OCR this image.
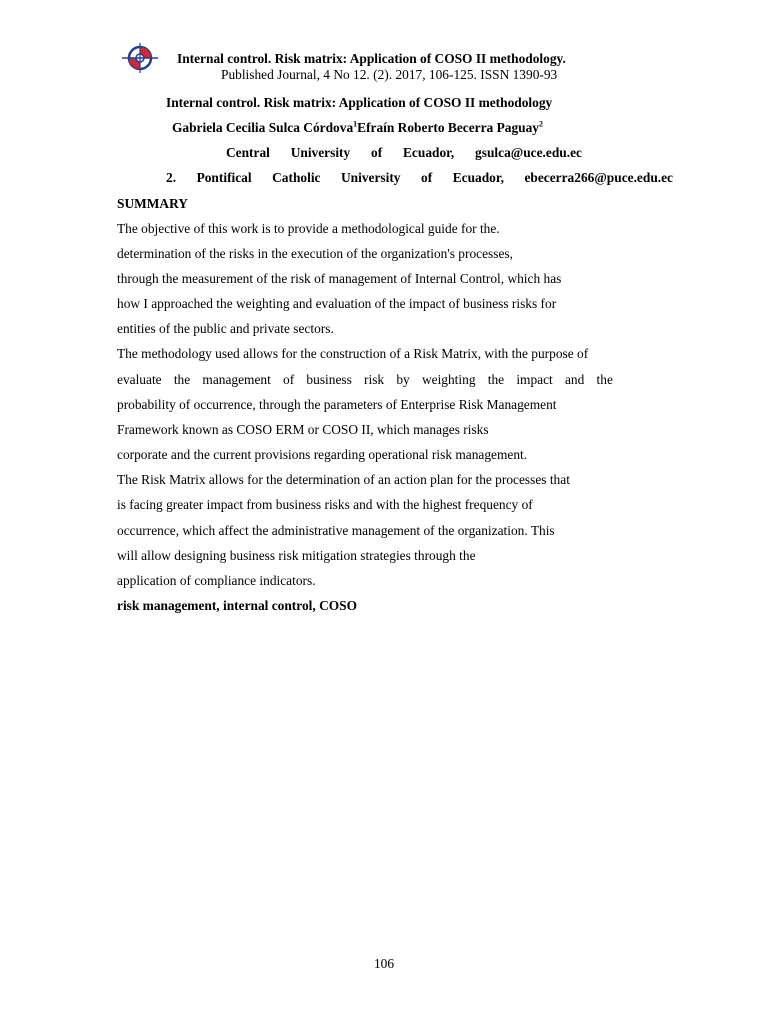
Internal control. Risk matrix: Application of COSO II methodology.
Published Journal, 4 No 12. (2). 2017, 106-125. ISSN 1390-93
Internal control. Risk matrix: Application of COSO II methodology
Gabriela Cecilia Sulca Córdova$^1$Efraín Roberto Becerra Paguay$^2$
Central University of Ecuador, gsulca@uce.edu.ec
2. Pontifical Catholic University of Ecuador, ebecerra266@puce.edu.ec
SUMMARY
The objective of this work is to provide a methodological guide for the.
determination of the risks in the execution of the organization's processes,
through the measurement of the risk of management of Internal Control, which has
how I approached the weighting and evaluation of the impact of business risks for
entities of the public and private sectors.
The methodology used allows for the construction of a Risk Matrix, with the purpose of
evaluate the management of business risk by weighting the impact and the
probability of occurrence, through the parameters of Enterprise Risk Management
Framework known as COSO ERM or COSO II, which manages risks
corporate and the current provisions regarding operational risk management.
The Risk Matrix allows for the determination of an action plan for the processes that
is facing greater impact from business risks and with the highest frequency of
occurrence, which affect the administrative management of the organization. This
will allow designing business risk mitigation strategies through the
application of compliance indicators.
risk management, internal control, COSO
106
